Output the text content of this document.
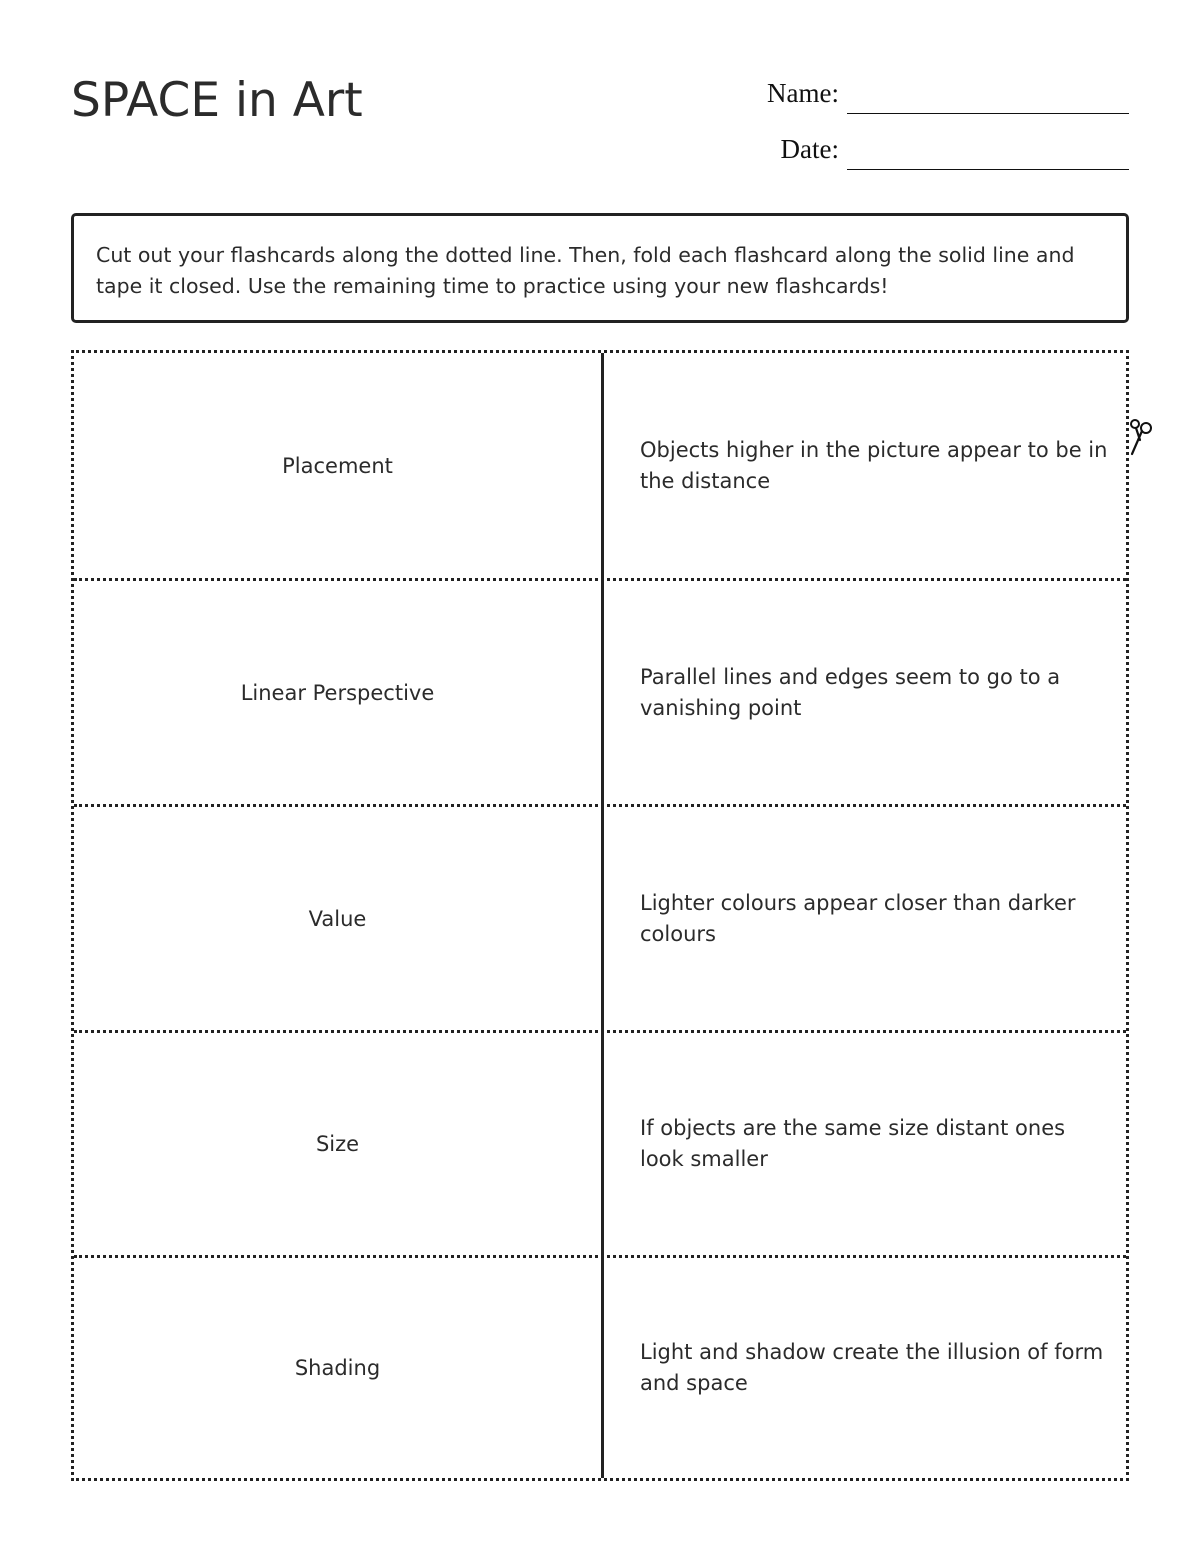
SPACE in Art	Name:
Date:
Cut out your flashcards along the dotted line. Then, fold each flashcard along the solid line and tape it closed. Use the remaining time to practice using your new flashcards!
Placement
Objects higher in the picture appear to be in the distance
Linear Perspective
Parallel lines and edges seem to go to a vanishing point
Value
Lighter colours appear closer than darker colours
Size
If objects are the same size distant ones look smaller
Shading
Light and shadow create the illusion of form and space
